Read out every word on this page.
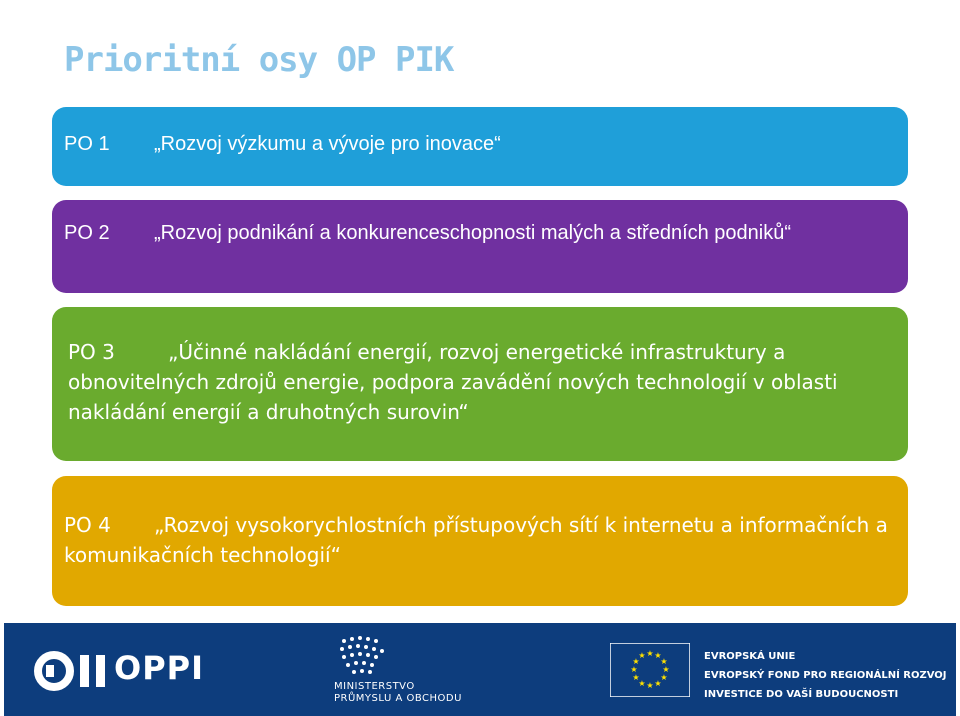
Prioritní osy OP PIK
PO 1 „Rozvoj výzkumu a vývoje pro inovace“
PO 2 „Rozvoj podnikání a konkurenceschopnosti malých a středních podniků“
PO 3	„Účinné nakládání energií, rozvoj energetické infrastruktury a obnovitelných zdrojů energie, podpora zavádění nových technologií v oblasti nakládání energií a druhotných surovin“
PO 4 „Rozvoj vysokorychlostních přístupových sítí k internetu a informačních a komunikačních technologií“
OPPI	MINISTERSTVO
PRŮMYSLU A OBCHODU
★ ★
★
★
★
★
★
★
★
★
★
★	EVROPSKÁ UNIE
EVROPSKÝ FOND PRO REGIONÁLNÍ ROZVOJ
INVESTICE DO VAŠÍ BUDOUCNOSTI
